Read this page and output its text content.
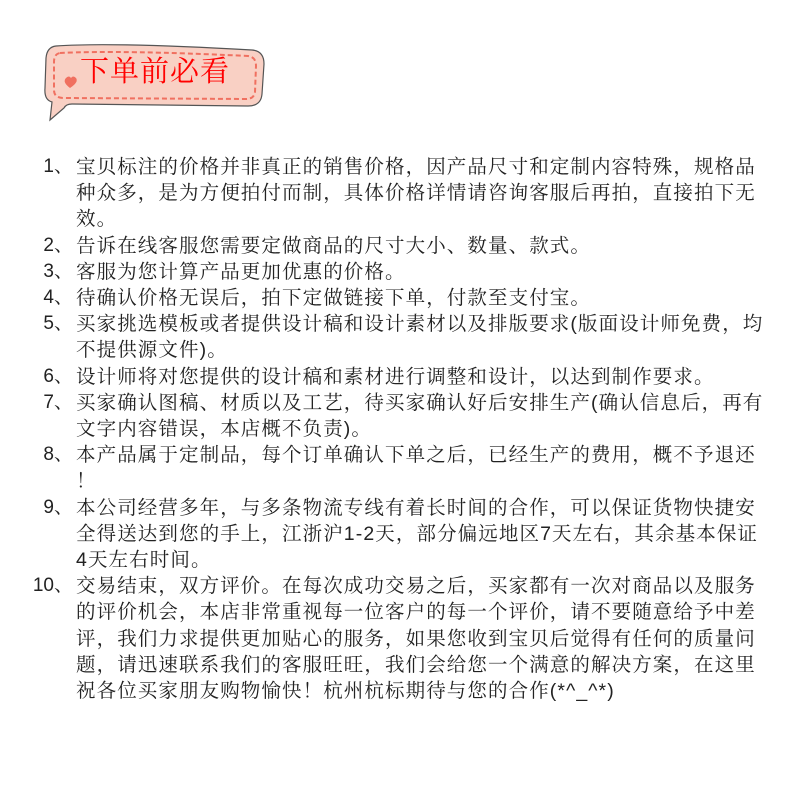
下单前必看
1、 宝贝标注的价格并非真正的销售价格，因产品尺寸和定制内容特殊，规格品
种众多，是为方便拍付而制，具体价格详情请咨询客服后再拍，直接拍下无
效。
2、 告诉在线客服您需要定做商品的尺寸大小、数量、款式。
3、 客服为您计算产品更加优惠的价格。
4、 待确认价格无误后，拍下定做链接下单，付款至支付宝。
5、 买家挑选模板或者提供设计稿和设计素材以及排版要求(版面设计师免费，均
不提供源文件)。
6、 设计师将对您提供的设计稿和素材进行调整和设计，以达到制作要求。
7、 买家确认图稿、材质以及工艺，待买家确认好后安排生产(确认信息后，再有
文字内容错误，本店概不负责)。
8、 本产品属于定制品，每个订单确认下单之后，已经生产的费用，概不予退还
！
9、 本公司经营多年，与多条物流专线有着长时间的合作，可以保证货物快捷安
全得送达到您的手上，江浙沪1-2天，部分偏远地区7天左右，其余基本保证
4天左右时间。
10、 交易结束，双方评价。在每次成功交易之后，买家都有一次对商品以及服务
的评价机会，本店非常重视每一位客户的每一个评价，请不要随意给予中差
评，我们力求提供更加贴心的服务，如果您收到宝贝后觉得有任何的质量问
题，请迅速联系我们的客服旺旺，我们会给您一个满意的解决方案，在这里
祝各位买家朋友购物愉快！杭州杭标期待与您的合作(*^_^*)
